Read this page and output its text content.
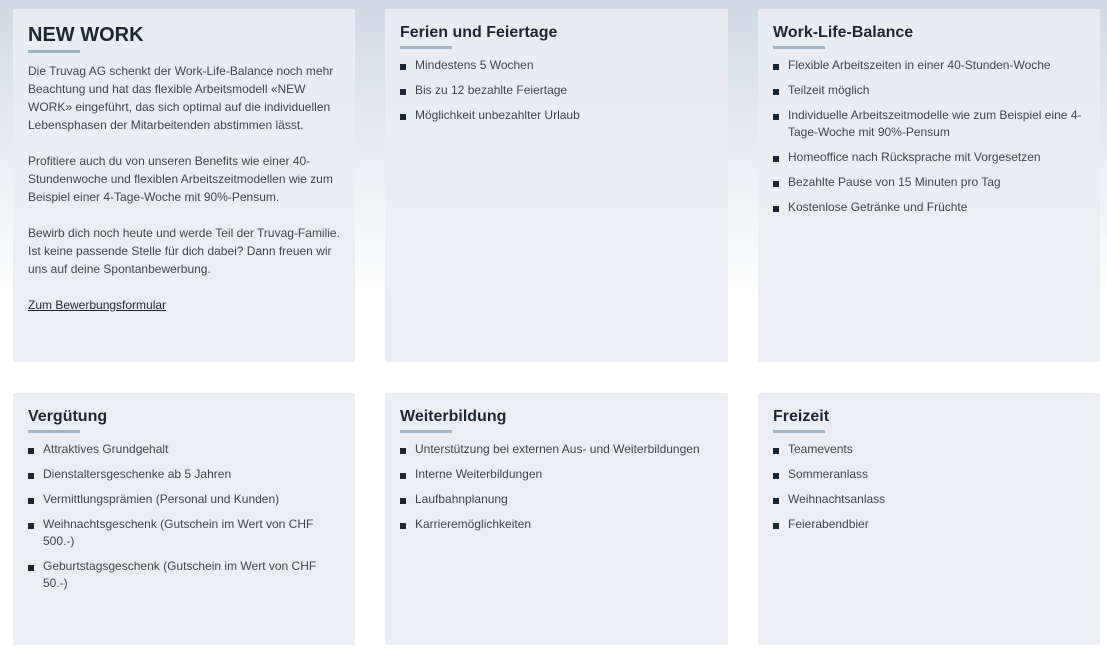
NEW WORK

Die Truvag AG schenkt der Work-Life-Balance noch mehr Beachtung und hat das flexible Arbeitsmodell «NEW WORK» eingeführt, das sich optimal auf die individuellen Lebensphasen der Mitarbeitenden abstimmen lässt.

Profitiere auch du von unseren Benefits wie einer 40-Stundenwoche und flexiblen Arbeitszeitmodellen wie zum Beispiel einer 4-Tage-Woche mit 90%-Pensum.

Bewirb dich noch heute und werde Teil der Truvag-Familie. Ist keine passende Stelle für dich dabei? Dann freuen wir uns auf deine Spontanbewerbung.

Zum Bewerbungsformular
Ferien und Feiertage
Mindestens 5 Wochen
Bis zu 12 bezahlte Feiertage
Möglichkeit unbezahlter Urlaub
Work-Life-Balance
Flexible Arbeitszeiten in einer 40-Stunden-Woche
Teilzeit möglich
Individuelle Arbeitszeitmodelle wie zum Beispiel eine 4-Tage-Woche mit 90%-Pensum
Homeoffice nach Rücksprache mit Vorgesetzen
Bezahlte Pause von 15 Minuten pro Tag
Kostenlose Getränke und Früchte
Vergütung
Attraktives Grundgehalt
Dienstaltersgeschenke ab 5 Jahren
Vermittlungsprämien (Personal und Kunden)
Weihnachtsgeschenk (Gutschein im Wert von CHF 500.-)
Geburtstagsgeschenk (Gutschein im Wert von CHF 50.-)
Weiterbildung
Unterstützung bei externen Aus- und Weiterbildungen
Interne Weiterbildungen
Laufbahnplanung
Karrieremöglichkeiten
Freizeit
Teamevents
Sommeranlass
Weihnachtsanlass
Feierabendbier
